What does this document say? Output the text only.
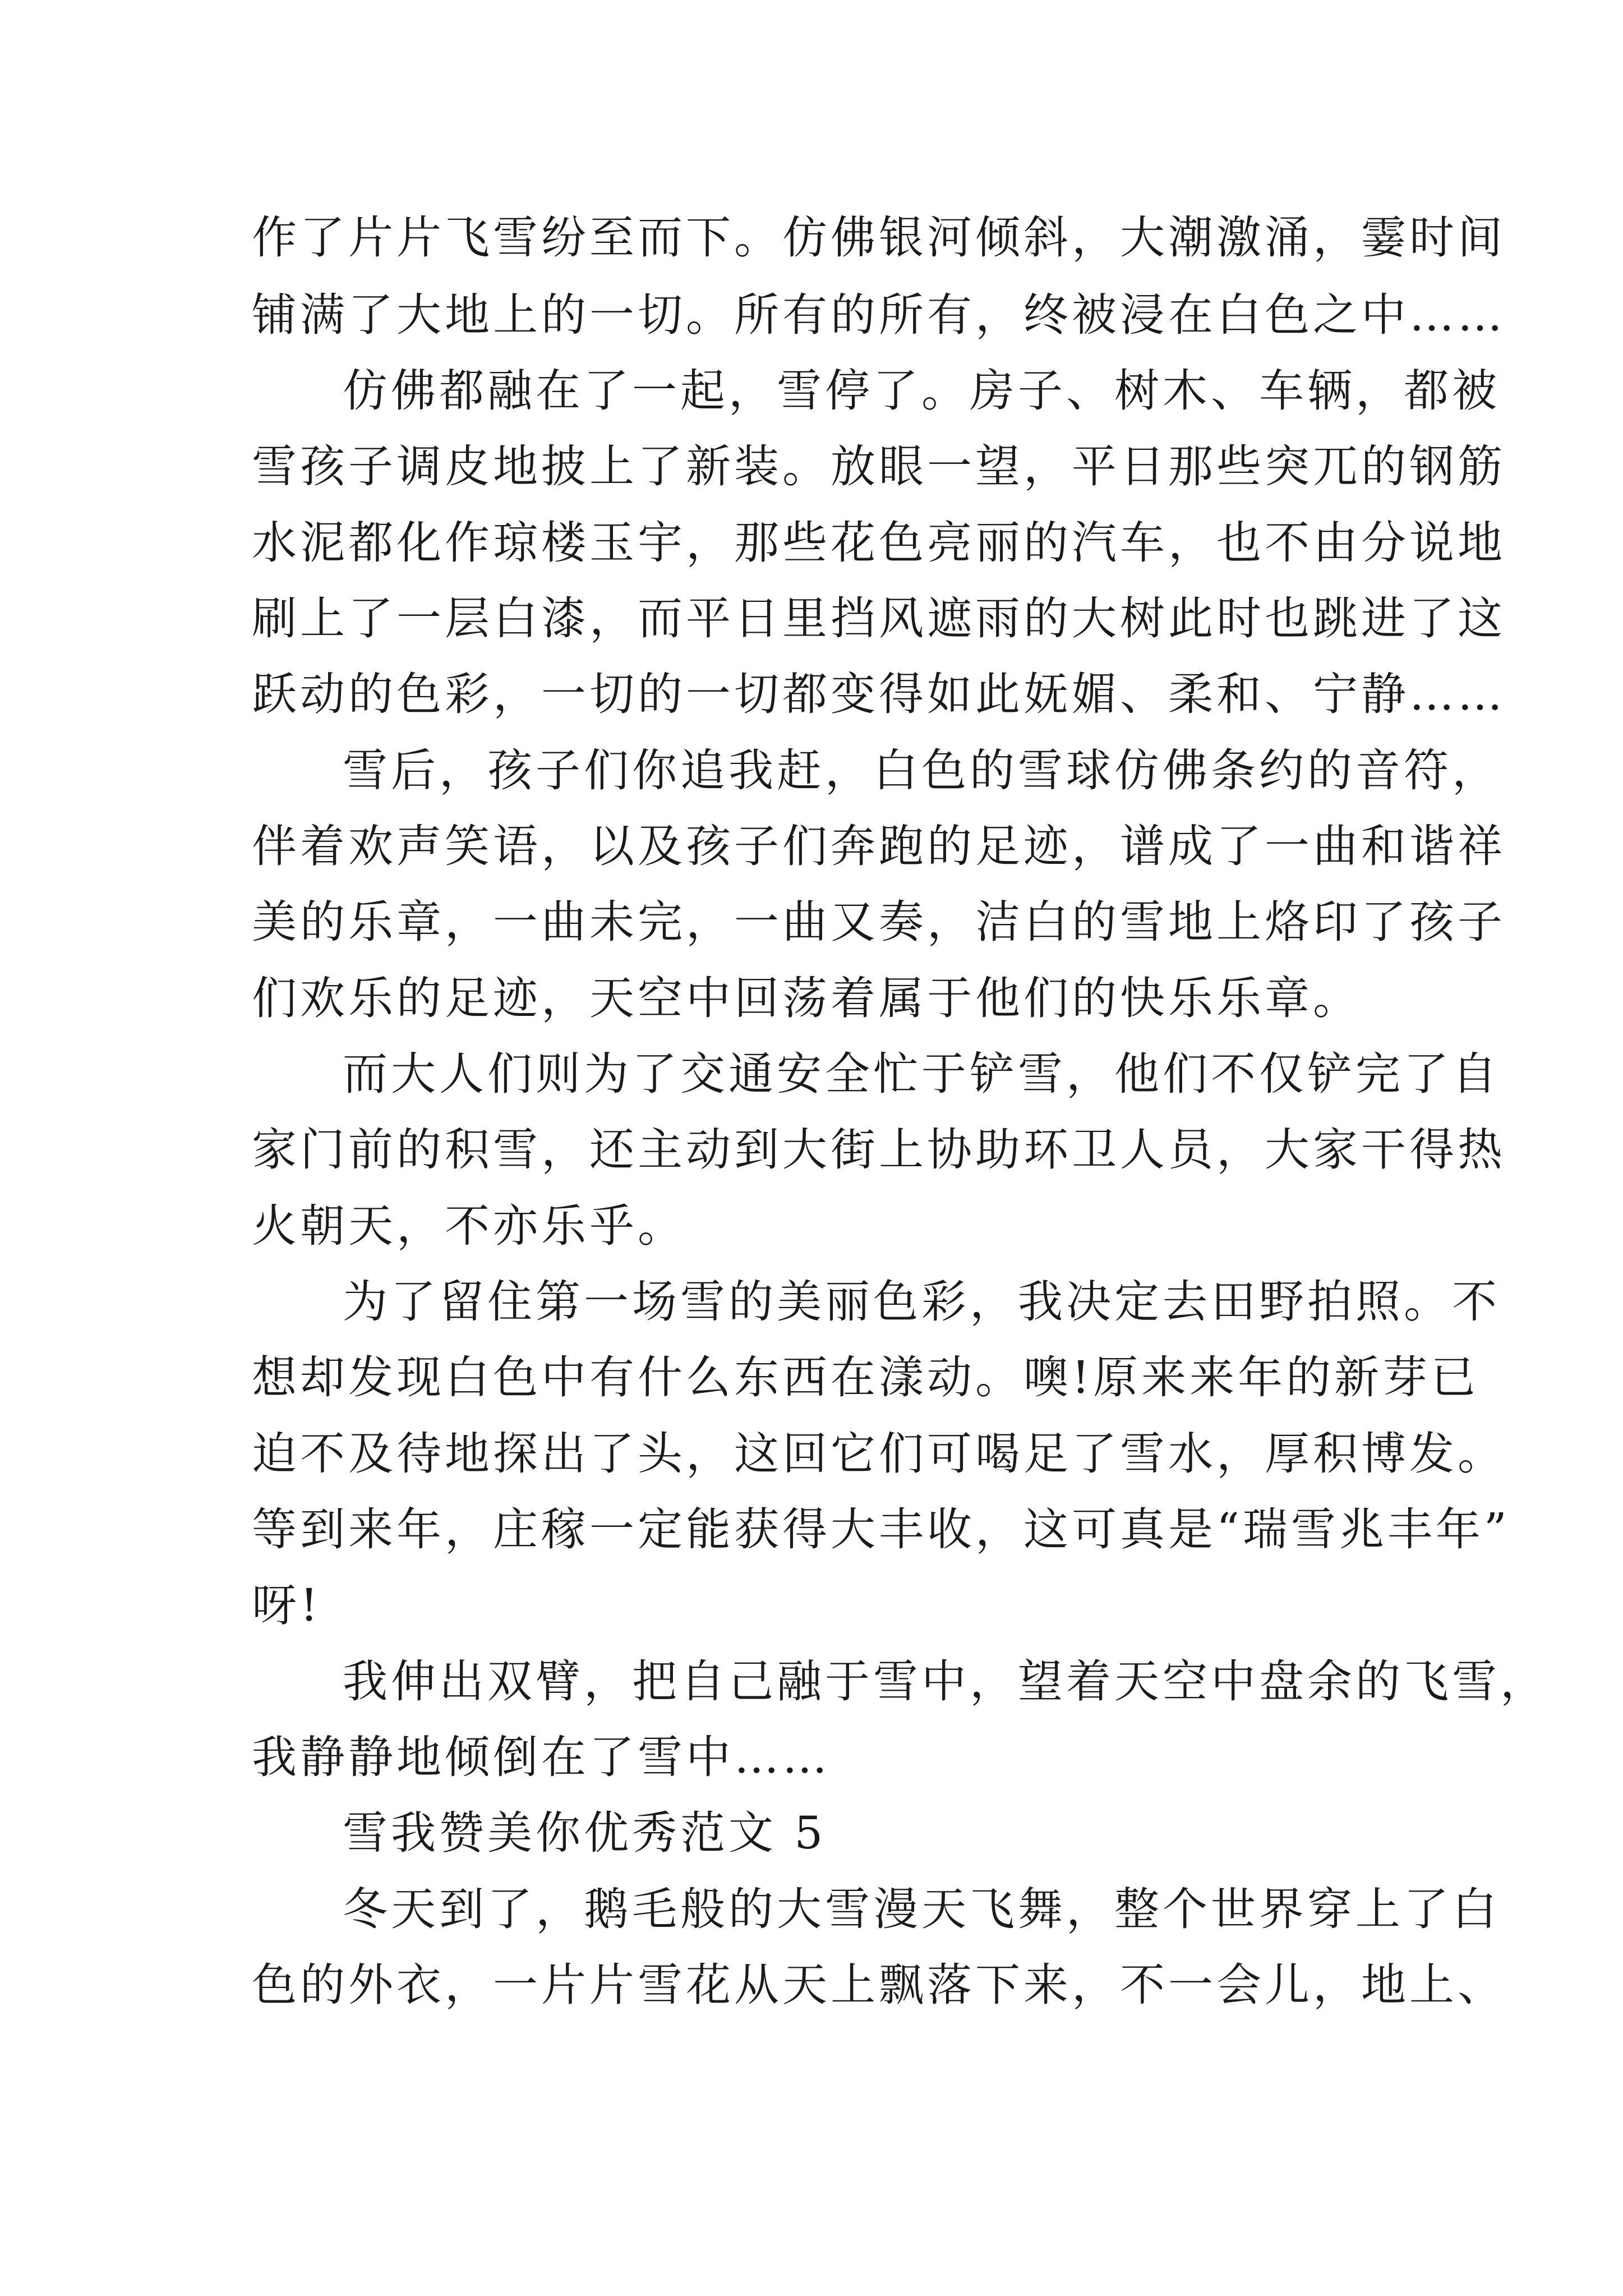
作了片片飞雪纷至而下。仿佛银河倾斜，大潮激涌，霎时间
铺满了大地上的一切。所有的所有，终被浸在白色之中……
仿佛都融在了一起，雪停了。房子、树木、车辆，都被
雪孩子调皮地披上了新装。放眼一望，平日那些突兀的钢筋
水泥都化作琼楼玉宇，那些花色亮丽的汽车，也不由分说地
刷上了一层白漆，而平日里挡风遮雨的大树此时也跳进了这
跃动的色彩，一切的一切都变得如此妩媚、柔和、宁静……
雪后，孩子们你追我赶，白色的雪球仿佛条约的音符，
伴着欢声笑语，以及孩子们奔跑的足迹，谱成了一曲和谐祥
美的乐章，一曲未完，一曲又奏，洁白的雪地上烙印了孩子
们欢乐的足迹，天空中回荡着属于他们的快乐乐章。
而大人们则为了交通安全忙于铲雪，他们不仅铲完了自
家门前的积雪，还主动到大街上协助环卫人员，大家干得热
火朝天，不亦乐乎。
为了留住第一场雪的美丽色彩，我决定去田野拍照。不
想却发现白色中有什么东西在漾动。噢!原来来年的新芽已
迫不及待地探出了头，这回它们可喝足了雪水，厚积博发。
等到来年，庄稼一定能获得大丰收，这可真是“瑞雪兆丰年”
呀!
我伸出双臂，把自己融于雪中，望着天空中盘余的飞雪，
我静静地倾倒在了雪中……
雪我赞美你优秀范文 5
冬天到了，鹅毛般的大雪漫天飞舞，整个世界穿上了白
色的外衣，一片片雪花从天上飘落下来，不一会儿，地上、
